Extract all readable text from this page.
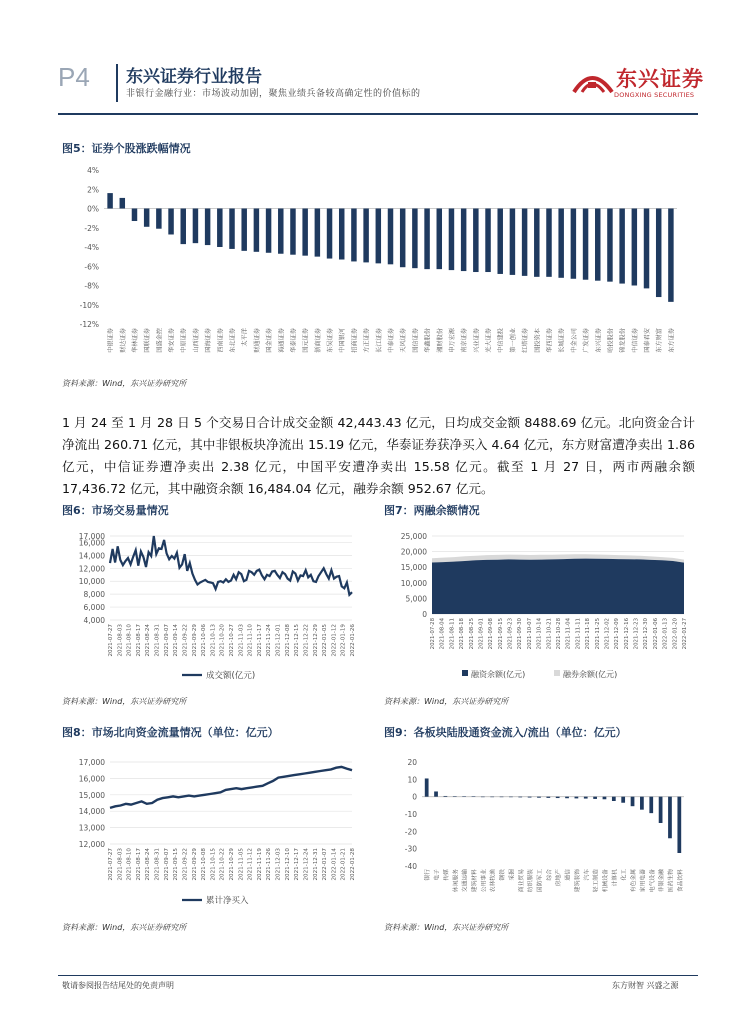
P4 东兴证券行业报告
非银行金融行业：市场波动加剧，聚焦业绩兵备较高确定性的价值标的
东兴证券
DONGXING SECURITIES
图5：证券个股涨跌幅情况
4%
2%
0%
-2%
-4%
-6%
-8%
-10%
-12%
中银证券 财达证券 华林证券 国联证券 国盛金控 华安证券 中原证券 山西证券 国海证券 西南证券 东北证券 太平洋 财通证券 国金证券 海通证券 华泰证券 国元证券 浙商证券 东吴证券 中国银河 招商证券 方正证券 长江证券 中泰证券 天风证券 国信证券 华鑫股份 湘财股份 申万宏源 南京证券 兴业证券 光大证券 中信建投 第一创业 红塔证券 国投资本 华西证券 长城证券 中金公司 广发证券 东兴证券 哈投股份 锦龙股份 中信证券 国泰君安 东方财富 东方证券
资料来源：Wind，东兴证券研究所
1 月 24 至 1 月 28 日 5 个交易日合计成交金额 42,443.43 亿元，日均成交金额 8488.69 亿元。北向资金合计净流出 260.71 亿元，其中非银板块净流出 15.19 亿元，华泰证券获净买入 4.64 亿元，东方财富遭净卖出 1.86 亿元，中信证券遭净卖出 2.38 亿元，中国平安遭净卖出 15.58 亿元。截至 1 月 27 日，两市两融余额 17,436.72 亿元，其中融资余额 16,484.04 亿元，融券余额 952.67 亿元。
图6：市场交易量情况
17,000
16,000
14,000
12,000
10,000
8,000
6,000
4,000
2021-07-27 2021-08-03 2021-08-10 2021-08-17 2021-08-24 2021-08-31 2021-09-07 2021-09-14 2021-09-22 2021-09-29 2021-10-06 2021-10-13 2021-10-20 2021-10-27 2021-11-03 2021-11-10 2021-11-17 2021-11-24 2021-12-01 2021-12-08 2021-12-15 2021-12-22 2021-12-29 2022-01-05 2022-01-12 2022-01-19 2022-01-26
成交额(亿元)
资料来源：Wind，东兴证券研究所
图7：两融余额情况
25,000
20,000
15,000
10,000
5,000
0
2021-07-28 2021-08-04 2021-08-11 2021-08-18 2021-08-25 2021-09-01 2021-09-08 2021-09-15 2021-09-23 2021-09-30 2021-10-07 2021-10-14 2021-10-21 2021-10-28 2021-11-04 2021-11-11 2021-11-18 2021-11-25 2021-12-02 2021-12-09 2021-12-16 2021-12-23 2021-12-30 2022-01-06 2022-01-13 2022-01-20 2022-01-27
融资余额(亿元)	融券余额(亿元)
资料来源：Wind，东兴证券研究所
图8：市场北向资金流量情况（单位：亿元）
17,000
16,000
15,000
14,000
13,000
12,000
2021-07-27 2021-08-03 2021-08-10 2021-08-17 2021-08-24 2021-08-31 2021-09-07 2021-09-15 2021-09-22 2021-09-29 2021-10-08 2021-10-15 2021-10-22 2021-10-29 2021-11-05 2021-11-12 2021-11-19 2021-11-26 2021-12-03 2021-12-10 2021-12-17 2021-12-24 2021-12-31 2022-01-07 2022-01-14 2022-01-21 2022-01-28
累计净买入
资料来源：Wind，东兴证券研究所
图9：各板块陆股通资金流入/流出（单位：亿元）
20
10
0
-10
-20
-30
-40
银行 电子 传媒 休闲服务 交通运输 建筑材料 公用事业 农林牧渔 钢铁 采掘 商业贸易 纺织服装 国防军工 综合 房地产 通信 建筑装饰 汽车 轻工制造 机械设备 计算机 化工 有色金属 家用电器 电气设备 非银金融 医药生物 食品饮料
资料来源：Wind，东兴证券研究所
敬请参阅报告结尾处的免责声明	东方财智 兴盛之源
